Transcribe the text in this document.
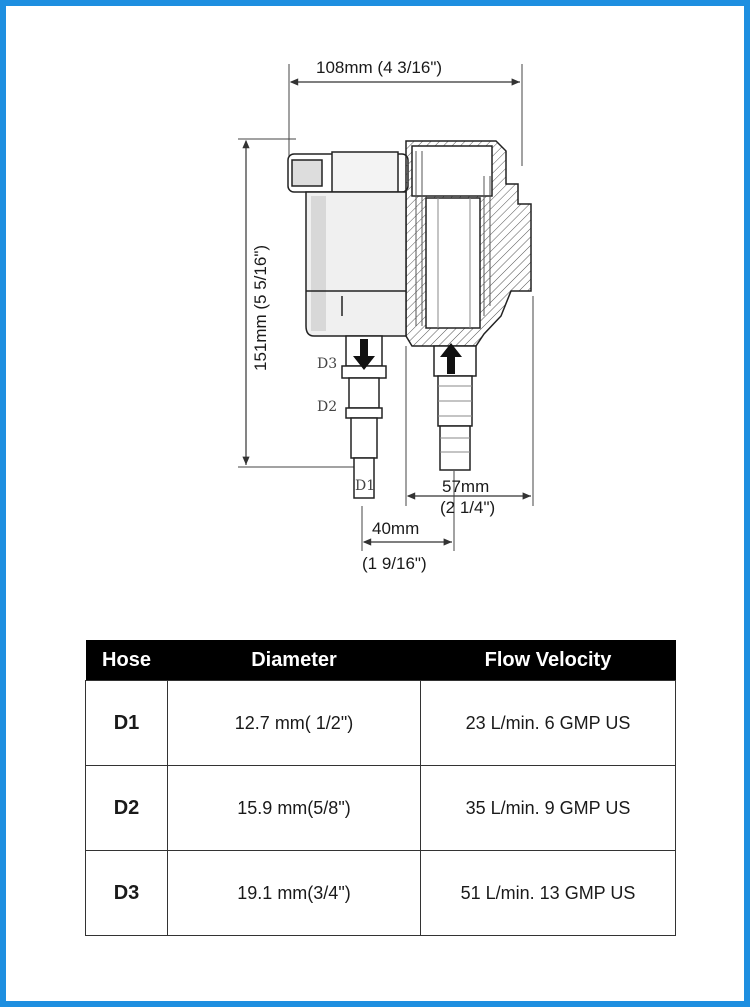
108mm (4 3/16")
151mm (5 5/16")
57mm
(2 1/4")
40mm
(1 9/16")
D3
D2
D1
Hose	Diameter	Flow Velocity
D1	12.7 mm( 1/2")	23 L/min. 6 GMP US
D2	15.9 mm(5/8")	35 L/min. 9 GMP US
D3	19.1 mm(3/4")	51 L/min. 13 GMP US
